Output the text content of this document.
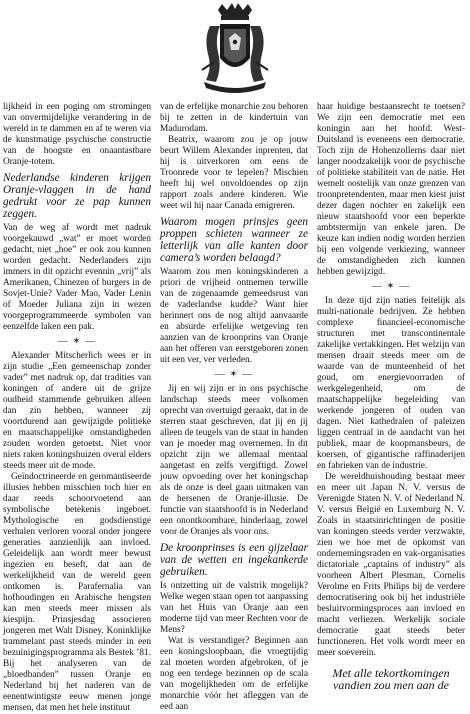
lijkheid in een poging om stromingen van onvermijdelijke verandering in de wereld in te dammen en af te weren via de kunstmatige psychische constructie van de hoogste en onaantastbare Oranje-totem.

Nederlandse kinderen krijgen Oranje-vlaggen in de hand gedrukt voor ze pap kunnen zeggen.

Van de weg af wordt met nadruk voorgekauwd „wat” er moet worden gedacht, niet „hoe” er ook zou kunnen worden gedacht. Nederlanders zijn immers in dit opzicht evennin „vrij” als Amerikanen, Chinezen of burgers in de Sovjet-Unie? Vader Mao, Vader Lenin of Moeder Juliana zijn in wezen voorgeprogrammeerde symbolen van eenzelfde laken een pak.

— ✶ —

Alexander Mitscherlich wees er in zijn studie „Een gemeenschap zonder vader” met nadruk op, dat tradities van koningen of andere uit de grijze oudheid stammende gebruiken alleen dan zin hebben, wanneer zij voortdurend aan gewijzigde politieke en maatschappelijke omstandigheden zouden worden getoetst. Niet voor niets raken koningshuizen overal elders steeds meer uit de mode.

Geïndoctrineerde en geromantiseerde illusies hebben misschien toch hier en daar reeds schoorvoetend aan symbolische betekenis ingeboet. Mythologische en godsdienstige verhalen verloren vooral onder jongere generaties aanzienlijk aan invloed. Geleidelijk aan wordt meer bewust ingezien en beseft, dat aan de werkelijkheid van de wereld geen ontkomen is. Parafernalia van hofhoudingen en Arabische hengsten kan men steeds meer missen als kiespijn. Prinsjesdag associeren jongeren met Walt Disney. Koninklijke trammelant past steeds minder in een bezuinigingsprogramma als Bestek ’81. Bij het analyseren van de „bloedbanden” tussen Oranje en Nederland bij het naderen van de eenentwintigste eeuw menen jonge mensen, dat men het hele instituut

van de erfelijke monarchie zou behoren bij te zetten in de kindertuin van Madurodam.

Beatrix, waarom zou je op jouw beurt Willem Alexander inprenten, dat hij is uitverkoren om eens de Troonrede voor te lepelen? Mischien heeft hij wel onvoldoendes op zijn rapport zoals andere kinderen. Wie weet wil hij naar Canada emigreren.

Waarom mogen prinsjes geen proppen schieten wanneer ze letterlijk van alle kanten door camera’s worden belaagd?

Waarom zou men koningskinderen a priori de vrijheid ontnemen terwille van de zogenaamde gemeedsrust van de vaderlandse kudde? Want hier herinnert ons de nog altijd aanvaarde en absurde erfelijke wetgeving ten aanzien van de kroonprins van Oranje aan het offeren van eerstgeboren zonen uit een ver, ver verleden.

— ✶ —

Jij en wij zijn er in ons psychische landschap steeds meer volkomen oprecht van overtuigd geraakt, dat in de sterren staat geschreven, dat jij en jij alleen de teugels van de staat in handen van je moeder mag overnemen. In dit opzicht zijn we allemaal mentaal aangetast en zelfs vergiftigd. Zowel jouw opvoeding over het koningschap als de onze is deel gaan uitmaken van de hersenen de Oranje-illusie. De functie van staatshoofd is in Nederland een onontkoombare, hinderlaag, zowel voor de Oranjes als voor ons.

De kroonprinses is een gijzelaar van de wetten en ingekankerde gebruiken.

Is ontzetting uit de valstrik mogelijk? Welke wegen staan open tot aanpassing van het Huis van Oranje aan een moderne tijd van meer Rechten voor de Mens?

Wat is verstandiger? Beginnen aan een koningsloopbaan, die vroegtijdig zal moeten worden afgebroken, of je nog een terdege bezinnen op de scala van mogelijkheden om de erfelijke monarchie vóór het afleggen van de eed aan

haar huidige bestaansrecht te toetsen?We zijn een democratie met een koningin aan het hoofd. West-Duitsland is eveneens een democratie. Toch zijn de Hohenzollerns daar niet langer noodzakelijk voor de psychische of politieke stabiliteit van de natie. Het wemelt oostelijk van onze grenzen van troonpretendenten, maar men kiest juist dezer dagen nochter en zakelijk een nieuw staatshoofd voor een beperkte ambtstermijn van enkele jaren. De keuze kan indien nodig worden herzien bij een volgende verkiezing, wanneer de omstandigheden zich kunnen hebben gewijzigd.

— ✶ —

In deze tijd zijn naties feitelijk als multi-nationale bedrijven. Ze hebben complexe financieel-economische structuren met transcontinentale zakelijke vertakkingen. Het welzijn van mensen draait steeds meer om de waarde van de munteenheid of het goud, om energievoorraden of werkgelegenheid, om de maatschappelijke begeleiding van werkende jongeren of ouden van dagen. Niet kathedralen of paleizen liggen centraal in de aandacht van het publiek, maar de koopmansbeurs, de koersen, of gigantische raffinaderijen en fabrieken van de industrie.

De wereldhuishouding bestaat meer en meer uit Japan N. V. versus de Verenigde Staten N. V. of Nederland N. V. versus België en Luxemburg N. V. Zoals in staatsinrichtingen de positie van koningen steeds verder verzwakte, zien we hoe met de opkomst van ondernemingsraden en vak-organisaties dictatoriale „captains of industry” als voorheen Albert Plesman, Cornelis Verolme en Frits Philips bij de verdere democratisering ook bij het industriële besluitvormingsproces aan invloed en macht verliezen. Werkelijk sociale democratie gaat steeds beter functioneren. Het volk wordt meer en meer soeverein.

Met alle tekortkomingen vandien zou men aan de
